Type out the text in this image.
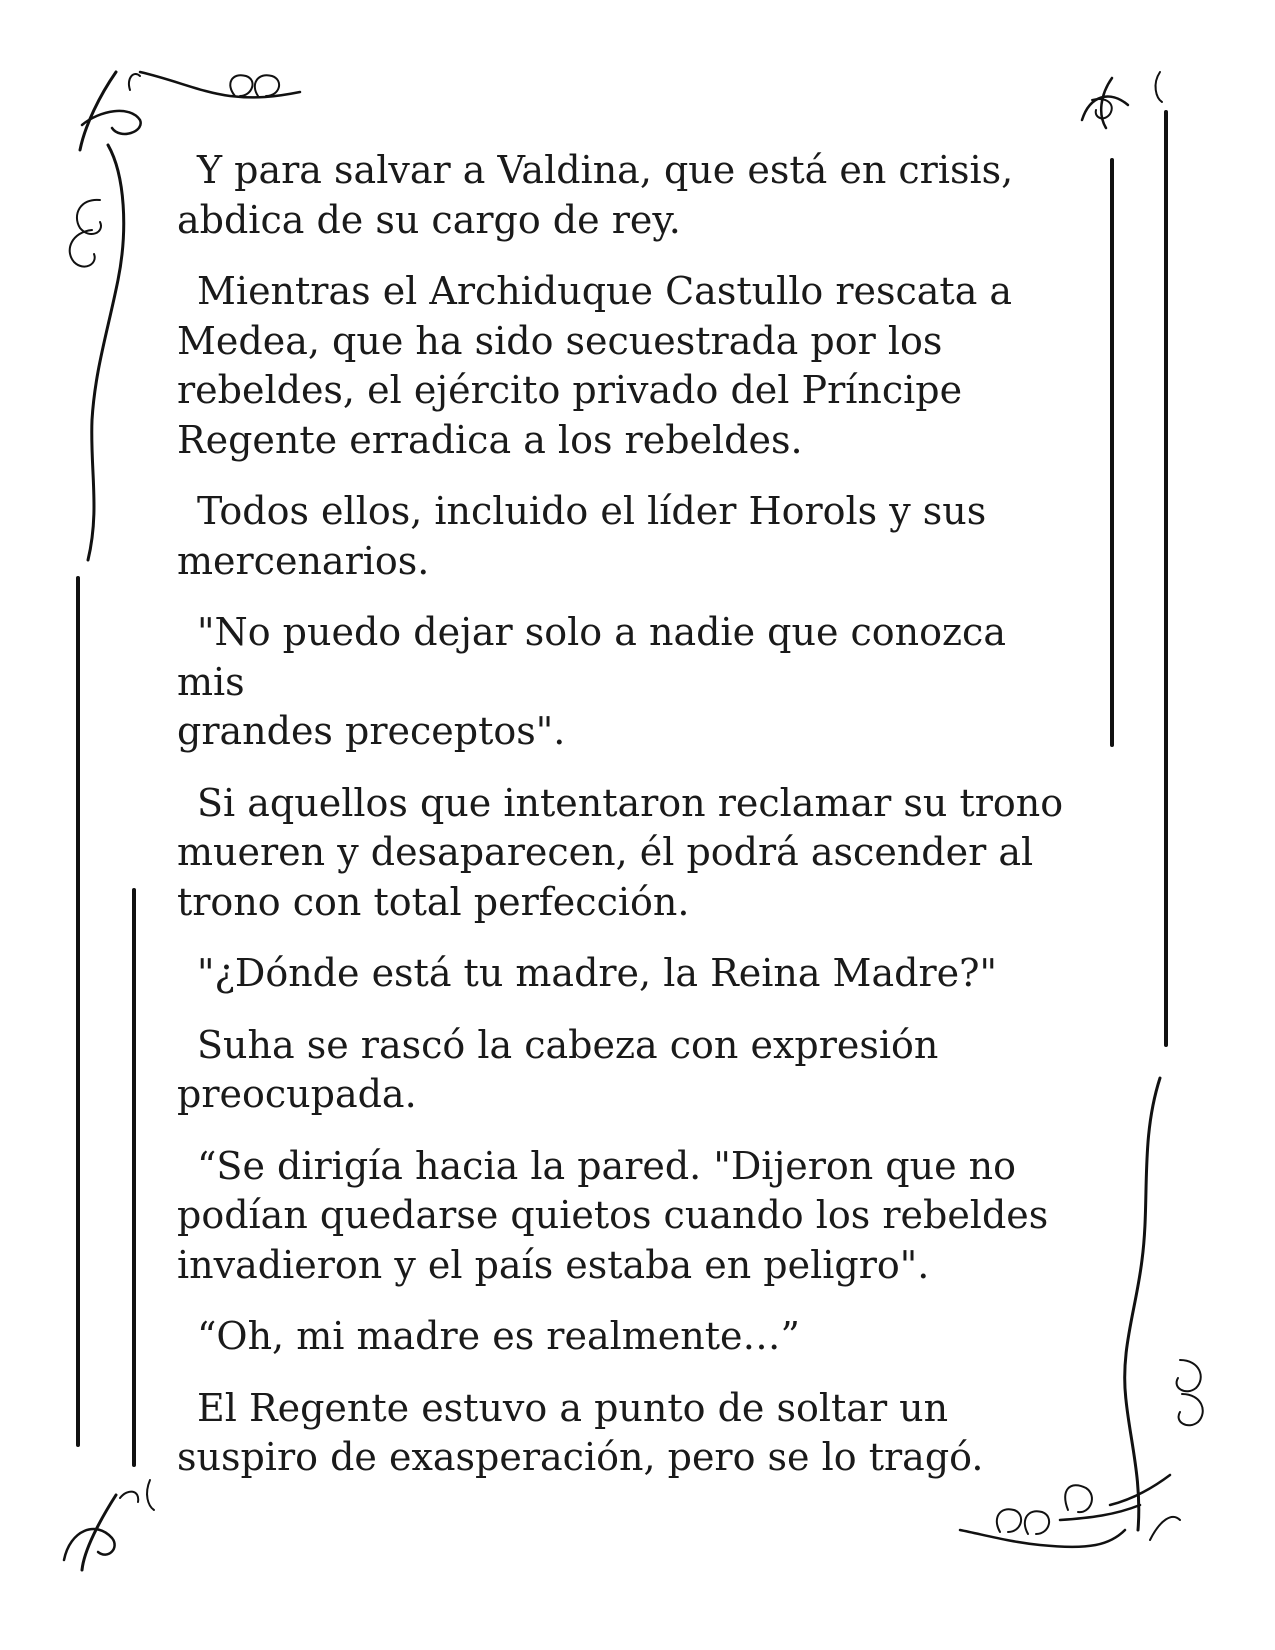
Y para salvar a Valdina, que está en crisis,
abdica de su cargo de rey.

Mientras el Archiduque Castullo rescata a
Medea, que ha sido secuestrada por los
rebeldes, el ejército privado del Príncipe
Regente erradica a los rebeldes.

Todos ellos, incluido el líder Horols y sus
mercenarios.

"No puedo dejar solo a nadie que conozca mis
grandes preceptos".

Si aquellos que intentaron reclamar su trono
mueren y desaparecen, él podrá ascender al
trono con total perfección.

"¿Dónde está tu madre, la Reina Madre?"

Suha se rascó la cabeza con expresión
preocupada.

“Se dirigía hacia la pared. "Dijeron que no
podían quedarse quietos cuando los rebeldes
invadieron y el país estaba en peligro".

“Oh, mi madre es realmente…”

El Regente estuvo a punto de soltar un
suspiro de exasperación, pero se lo tragó.
